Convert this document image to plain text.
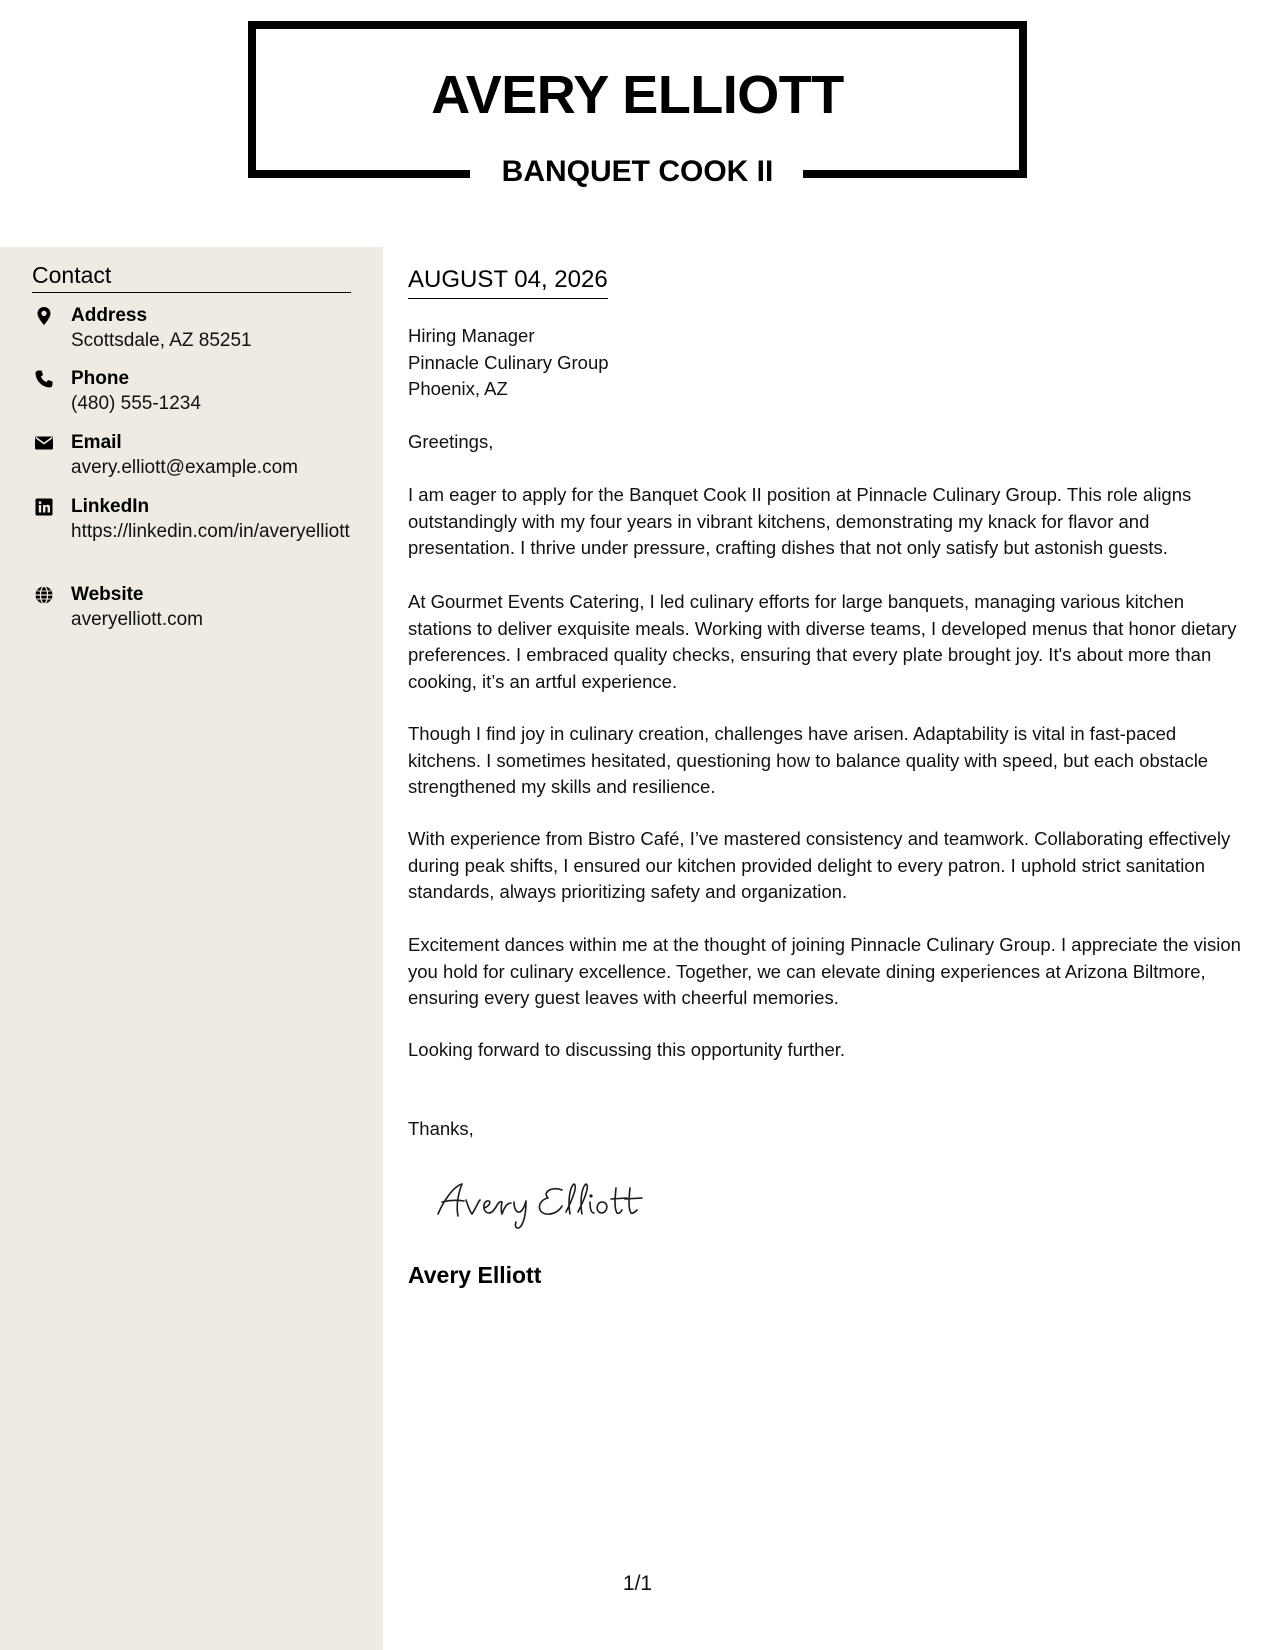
AVERY ELLIOTT
BANQUET COOK II
Contact
Address
Scottsdale, AZ 85251
Phone
(480) 555-1234
Email
avery.elliott@example.com
LinkedIn
https://linkedin.com/in/averyelliott
Website
averyelliott.com
AUGUST 04, 2026
Hiring Manager
Pinnacle Culinary Group
Phoenix, AZ

Greetings,

I am eager to apply for the Banquet Cook II position at Pinnacle Culinary Group. This role aligns outstandingly with my four years in vibrant kitchens, demonstrating my knack for flavor and presentation. I thrive under pressure, crafting dishes that not only satisfy but astonish guests.

At Gourmet Events Catering, I led culinary efforts for large banquets, managing various kitchen stations to deliver exquisite meals. Working with diverse teams, I developed menus that honor dietary preferences. I embraced quality checks, ensuring that every plate brought joy. It's about more than cooking, it’s an artful experience.

Though I find joy in culinary creation, challenges have arisen. Adaptability is vital in fast-paced kitchens. I sometimes hesitated, questioning how to balance quality with speed, but each obstacle strengthened my skills and resilience.

With experience from Bistro Café, I’ve mastered consistency and teamwork. Collaborating effectively during peak shifts, I ensured our kitchen provided delight to every patron. I uphold strict sanitation standards, always prioritizing safety and organization.

Excitement dances within me at the thought of joining Pinnacle Culinary Group. I appreciate the vision you hold for culinary excellence. Together, we can elevate dining experiences at Arizona Biltmore, ensuring every guest leaves with cheerful memories.

Looking forward to discussing this opportunity further.

Thanks,

Avery Elliott
1/1
